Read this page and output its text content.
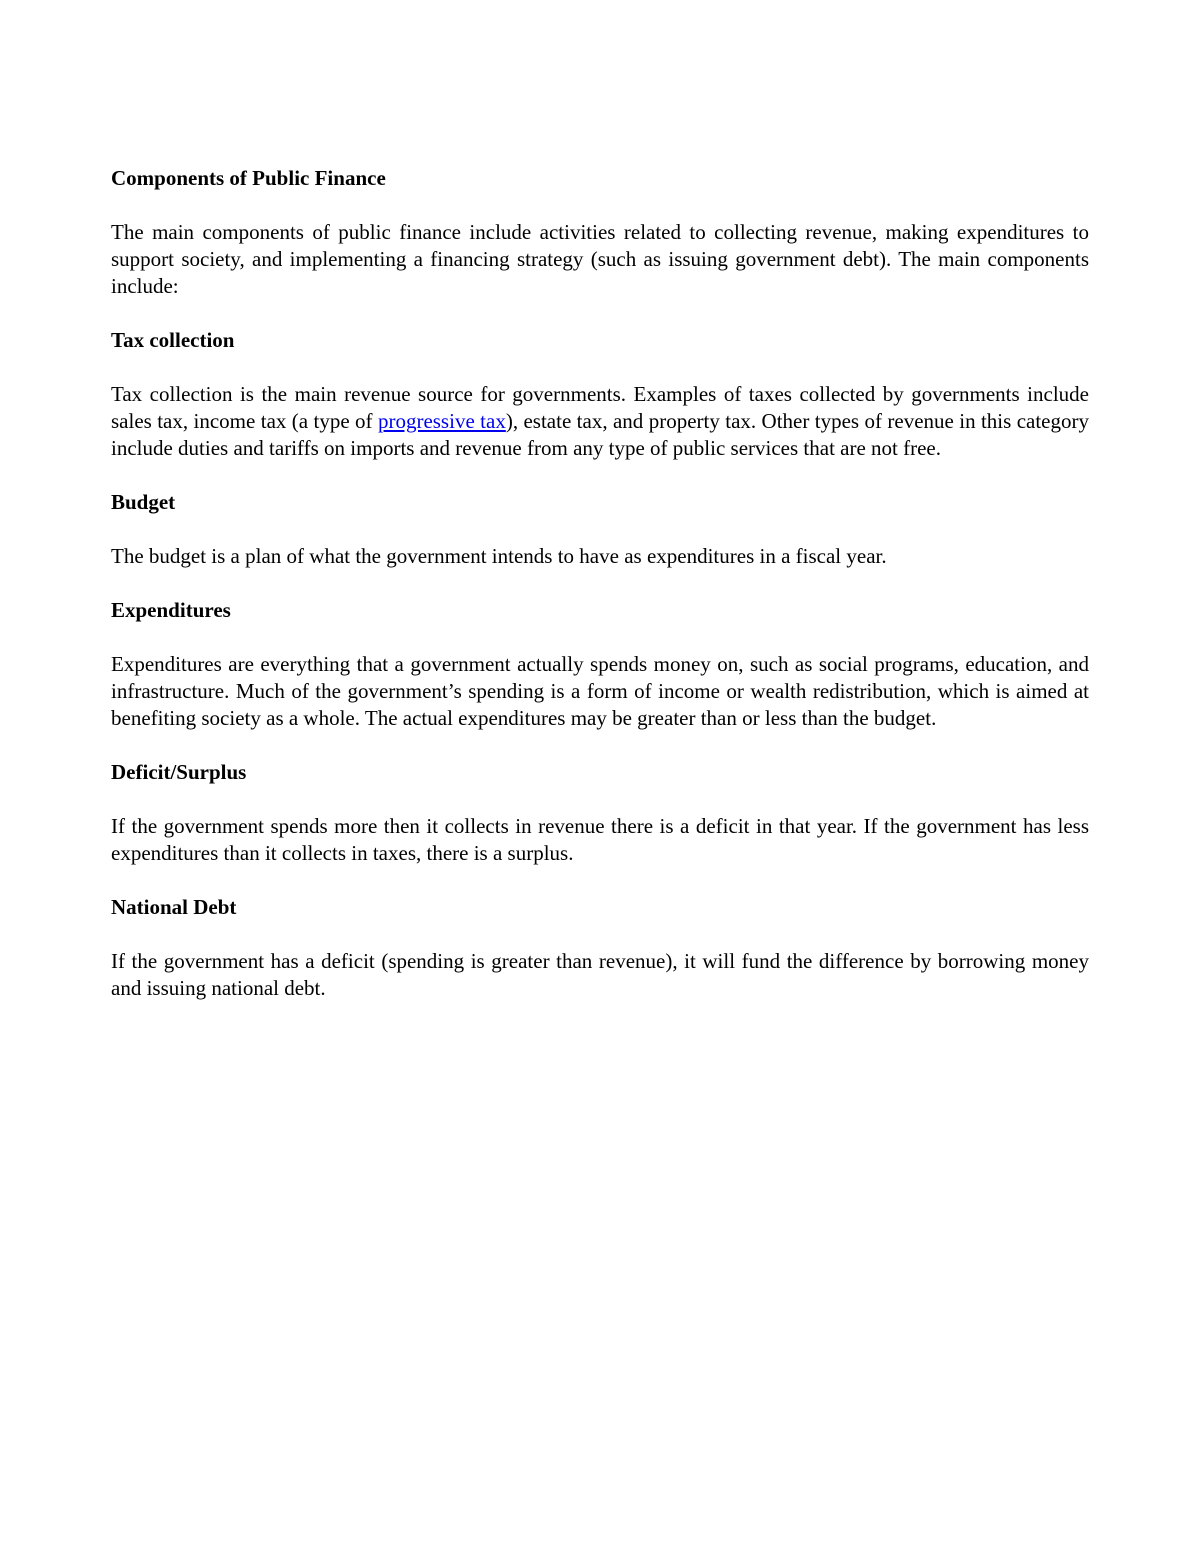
Components of Public Finance

The main components of public finance include activities related to collecting revenue, making expenditures to support society, and implementing a financing strategy (such as issuing government debt). The main components include:

Tax collection

Tax collection is the main revenue source for governments. Examples of taxes collected by governments include sales tax, income tax (a type of progressive tax), estate tax, and property tax. Other types of revenue in this category include duties and tariffs on imports and revenue from any type of public services that are not free.

Budget

The budget is a plan of what the government intends to have as expenditures in a fiscal year.

Expenditures

Expenditures are everything that a government actually spends money on, such as social programs, education, and infrastructure. Much of the government’s spending is a form of income or wealth redistribution, which is aimed at benefiting society as a whole. The actual expenditures may be greater than or less than the budget.

Deficit/Surplus

If the government spends more then it collects in revenue there is a deficit in that year. If the government has less expenditures than it collects in taxes, there is a surplus.

National Debt

If the government has a deficit (spending is greater than revenue), it will fund the difference by borrowing money and issuing national debt.
